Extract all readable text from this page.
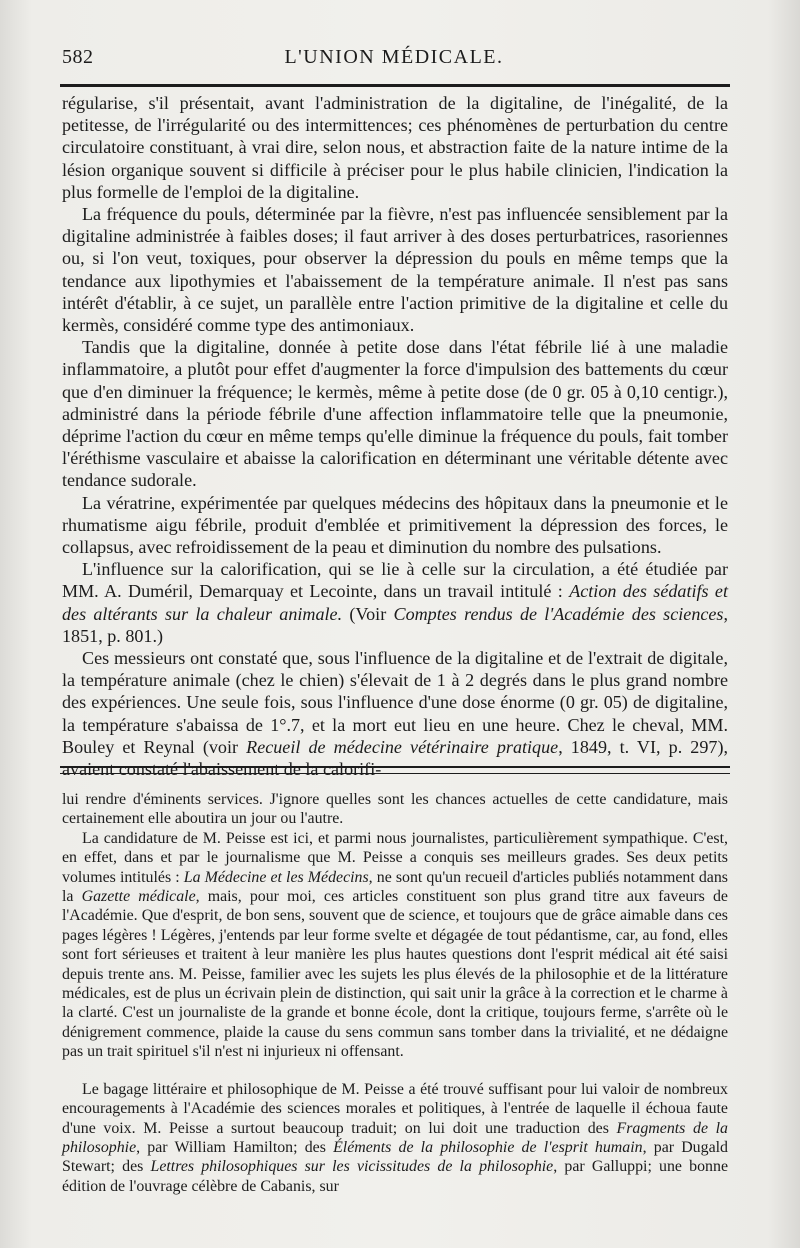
582	L'UNION MÉDICALE.

régularise, s'il présentait, avant l'administration de la digitaline, de l'inégalité, de la petitesse, de l'irrégularité ou des intermittences; ces phénomènes de perturbation du centre circulatoire constituant, à vrai dire, selon nous, et abstraction faite de la nature intime de la lésion organique souvent si difficile à préciser pour le plus habile clinicien, l'indication la plus formelle de l'emploi de la digitaline.

La fréquence du pouls, déterminée par la fièvre, n'est pas influencée sensiblement par la digitaline administrée à faibles doses; il faut arriver à des doses perturbatrices, rasoriennes ou, si l'on veut, toxiques, pour observer la dépression du pouls en même temps que la tendance aux lipothymies et l'abaissement de la température animale. Il n'est pas sans intérêt d'établir, à ce sujet, un parallèle entre l'action primitive de la digitaline et celle du kermès, considéré comme type des antimoniaux.

Tandis que la digitaline, donnée à petite dose dans l'état fébrile lié à une maladie inflammatoire, a plutôt pour effet d'augmenter la force d'impulsion des battements du cœur que d'en diminuer la fréquence; le kermès, même à petite dose (de 0 gr. 05 à 0,10 centigr.), administré dans la période fébrile d'une affection inflammatoire telle que la pneumonie, déprime l'action du cœur en même temps qu'elle diminue la fréquence du pouls, fait tomber l'éréthisme vasculaire et abaisse la calorification en déterminant une véritable détente avec tendance sudorale.

La vératrine, expérimentée par quelques médecins des hôpitaux dans la pneumonie et le rhumatisme aigu fébrile, produit d'emblée et primitivement la dépression des forces, le collapsus, avec refroidissement de la peau et diminution du nombre des pulsations.

L'influence sur la calorification, qui se lie à celle sur la circulation, a été étudiée par MM. A. Duméril, Demarquay et Lecointe, dans un travail intitulé : Action des sédatifs et des altérants sur la chaleur animale. (Voir Comptes rendus de l'Académie des sciences, 1851, p. 801.)

Ces messieurs ont constaté que, sous l'influence de la digitaline et de l'extrait de digitale, la température animale (chez le chien) s'élevait de 1 à 2 degrés dans le plus grand nombre des expériences. Une seule fois, sous l'influence d'une dose énorme (0 gr. 05) de digitaline, la température s'abaissa de 1°.7, et la mort eut lieu en une heure. Chez le cheval, MM. Bouley et Reynal (voir Recueil de médecine vétérinaire pratique, 1849, t. VI, p. 297), avaient constaté l'abaissement de la calorifi-

lui rendre d'éminents services. J'ignore quelles sont les chances actuelles de cette candidature, mais certainement elle aboutira un jour ou l'autre.

La candidature de M. Peisse est ici, et parmi nous journalistes, particulièrement sympathique. C'est, en effet, dans et par le journalisme que M. Peisse a conquis ses meilleurs grades. Ses deux petits volumes intitulés : La Médecine et les Médecins, ne sont qu'un recueil d'articles publiés notamment dans la Gazette médicale, mais, pour moi, ces articles constituent son plus grand titre aux faveurs de l'Académie. Que d'esprit, de bon sens, souvent que de science, et toujours que de grâce aimable dans ces pages légères ! Légères, j'entends par leur forme svelte et dégagée de tout pédantisme, car, au fond, elles sont fort sérieuses et traitent à leur manière les plus hautes questions dont l'esprit médical ait été saisi depuis trente ans. M. Peisse, familier avec les sujets les plus élevés de la philosophie et de la littérature médicales, est de plus un écrivain plein de distinction, qui sait unir la grâce à la correction et le charme à la clarté. C'est un journaliste de la grande et bonne école, dont la critique, toujours ferme, s'arrête où le dénigrement commence, plaide la cause du sens commun sans tomber dans la trivialité, et ne dédaigne pas un trait spirituel s'il n'est ni injurieux ni offensant.

Le bagage littéraire et philosophique de M. Peisse a été trouvé suffisant pour lui valoir de nombreux encouragements à l'Académie des sciences morales et politiques, à l'entrée de laquelle il échoua faute d'une voix. M. Peisse a surtout beaucoup traduit; on lui doit une traduction des Fragments de la philosophie, par William Hamilton; des Éléments de la philosophie de l'esprit humain, par Dugald Stewart; des Lettres philosophiques sur les vicissitudes de la philosophie, par Galluppi; une bonne édition de l'ouvrage célèbre de Cabanis, sur
